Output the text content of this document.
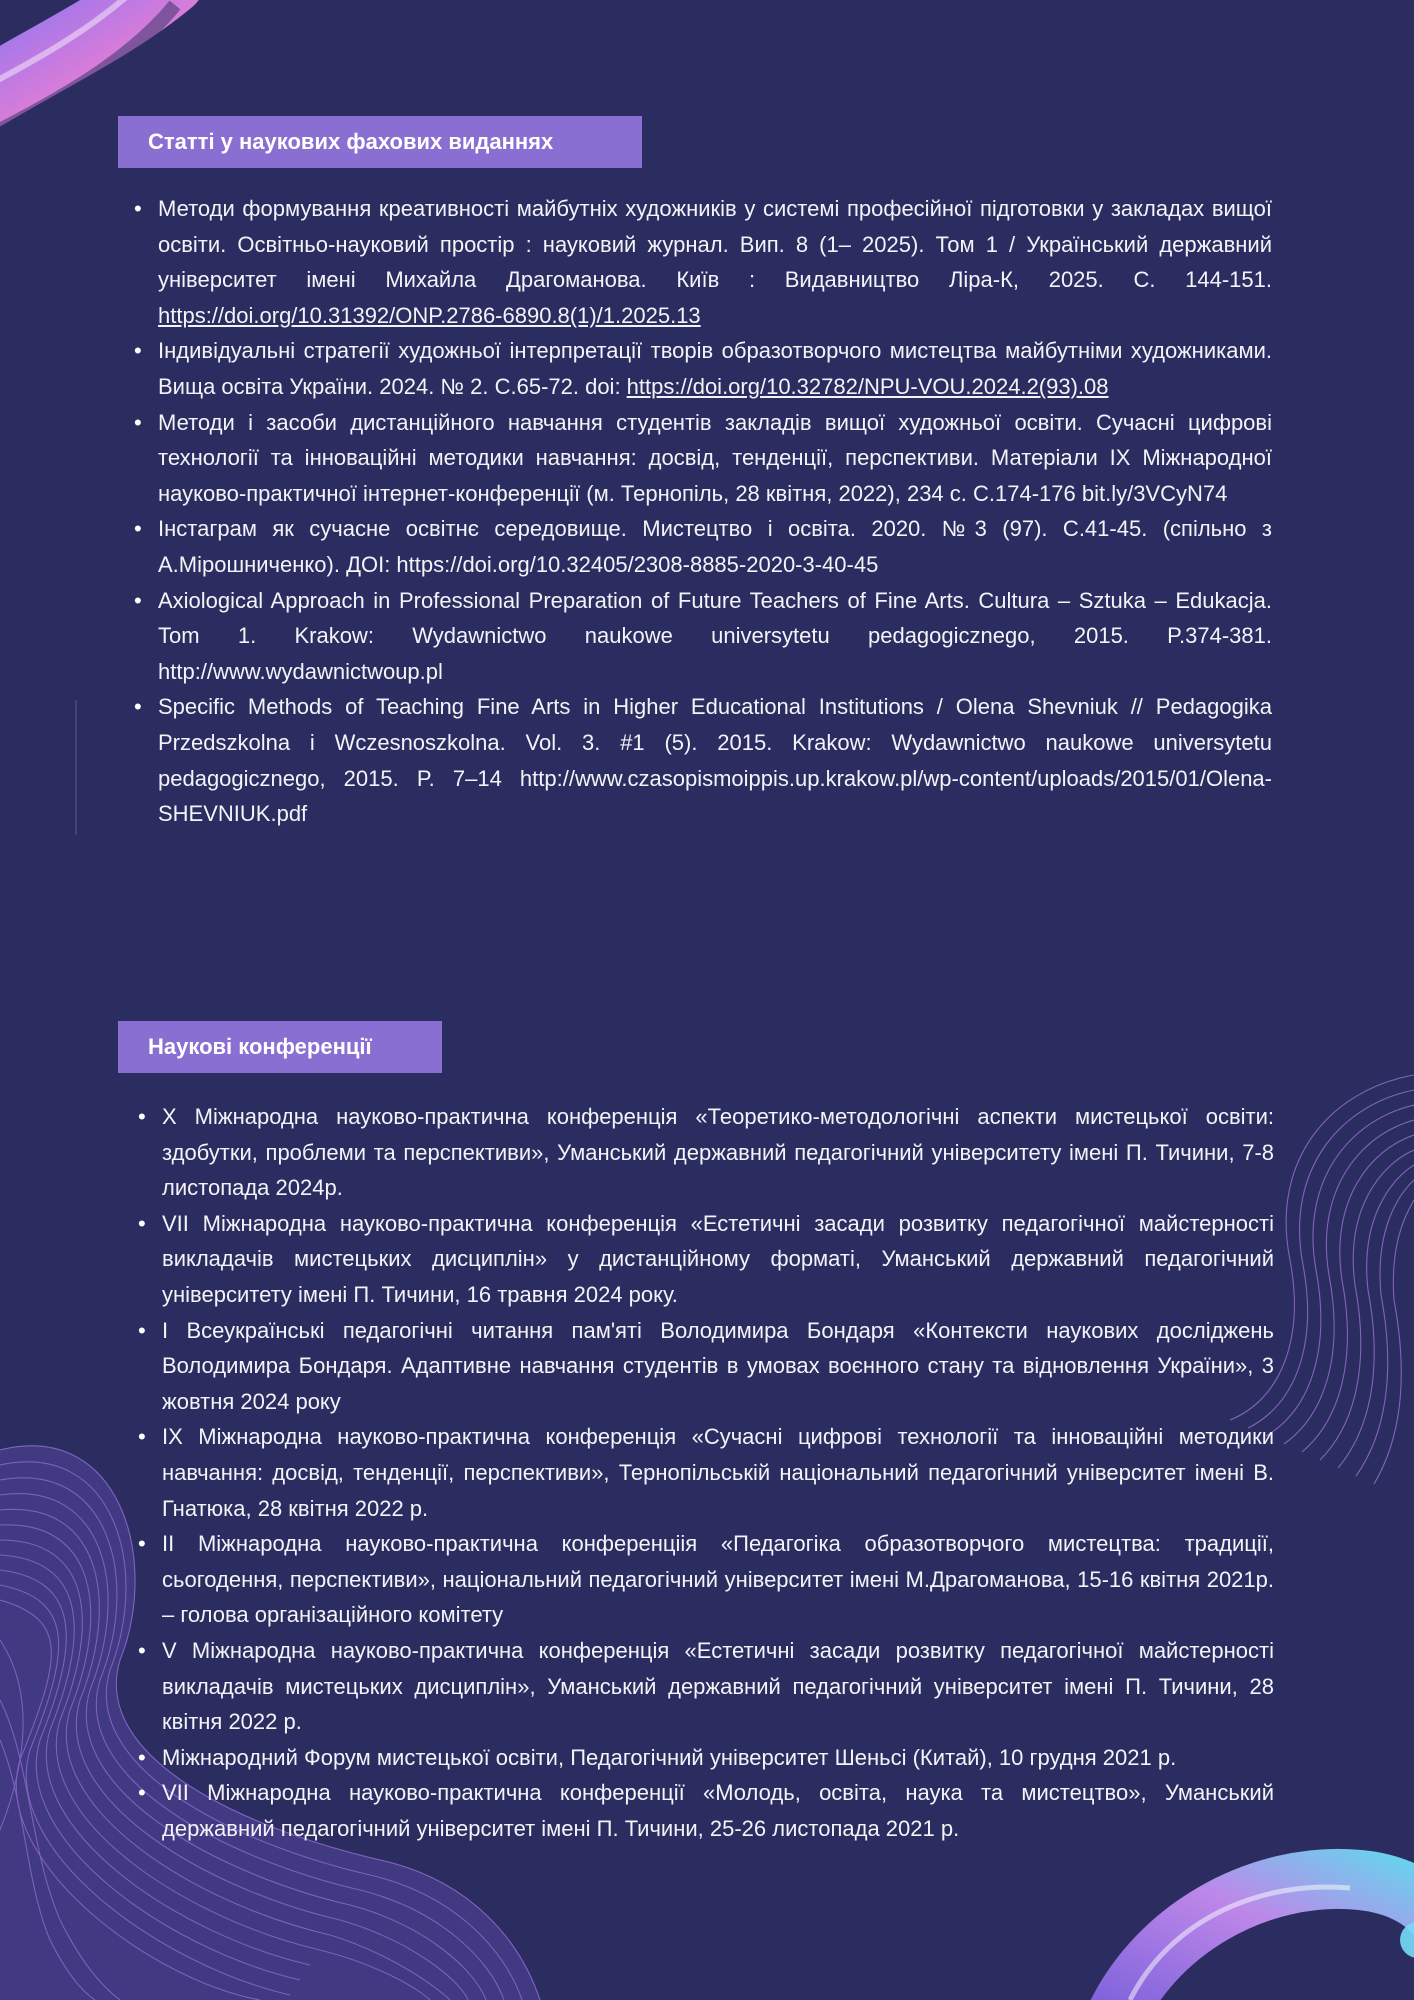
Статті у наукових фахових виданнях
• Методи формування креативності майбутніх художників у системі професійної підготовки у закладах вищої освіти. Освітньо-науковий простір : науковий журнал. Вип. 8 (1– 2025). Том 1 / Український державний університет імені Михайла Драгоманова. Київ : Видавництво Ліра-К, 2025. С. 144-151. https://doi.org/10.31392/ONP.2786-6890.8(1)/1.2025.13
• Індивідуальні стратегії художньої інтерпретації творів образотворчого мистецтва майбутніми художниками. Вища освіта України. 2024. № 2. С.65-72. doi: https://doi.org/10.32782/NPU-VOU.2024.2(93).08
• Методи і засоби дистанційного навчання студентів закладів вищої художньої освіти. Сучасні цифрові технології та інноваційні методики навчання: досвід, тенденції, перспективи. Матеріали ІХ Міжнародної науково-практичної інтернет-конференції (м. Тернопіль, 28 квітня, 2022), 234 с. С.174-176 bit.ly/3VCyN74
• Інстаграм як сучасне освітнє середовище. Мистецтво і освіта. 2020. №3 (97). С.41-45. (спільно з А.Мірошниченко). ДОІ: https://doi.org/10.32405/2308-8885-2020-3-40-45
• Axiological Approach in Professional Preparation of Future Teachers of Fine Arts. Cultura – Sztuka – Edukacja. Tom 1. Krakow: Wydawnictwo naukowe universytetu pedagogicznego, 2015. P.374-381. http://www.wydawnictwoup.pl
• Specific Methods of Teaching Fine Arts in Higher Educational Institutions / Olena Shevniuk // Pedagogika Przedszkolna i Wczesnoszkolna. Vol. 3. #1 (5). 2015. Krakow: Wydawnictwo naukowe universytetu pedagogicznego, 2015. P. 7–14 http://www.czasopismoippis.up.krakow.pl/wp-content/uploads/2015/01/Olena-SHEVNIUK.pdf
Наукові конференції
• Х Міжнародна науково-практична конференція «Теоретико-методологічні аспекти мистецької освіти: здобутки, проблеми та перспективи», Уманський державний педагогічний університету імені П. Тичини, 7-8 листопада 2024р.
• VII Міжнародна науково-практична конференція «Естетичні засади розвитку педагогічної майстерності викладачів мистецьких дисциплін» у дистанційному форматі, Уманський державний педагогічний університету імені П. Тичини, 16 травня 2024 року.
• І Всеукраїнські педагогічні читання пам'яті Володимира Бондаря «Контексти наукових досліджень Володимира Бондаря. Адаптивне навчання студентів в умовах воєнного стану та відновлення України», 3 жовтня 2024 року
• IX Міжнародна науково-практична конференція «Сучасні цифрові технології та інноваційні методики навчання: досвід, тенденції, перспективи», Тернопільській національний педагогічний університет імені В. Гнатюка, 28 квітня 2022 р.
• II Міжнародна науково-практична конференціія «Педагогіка образотворчого мистецтва: традиції, сьогодення, перспективи», національний педагогічний університет імені М.Драгоманова, 15-16 квітня 2021р. – голова організаційного комітету
• V Міжнародна науково-практична конференція «Естетичні засади розвитку педагогічної майстерності викладачів мистецьких дисциплін», Уманський державний педагогічний університет імені П. Тичини, 28 квітня 2022 р.
• Міжнародний Форум мистецької освіти, Педагогічний університет Шеньсі (Китай), 10 грудня 2021 р.
• VII Міжнародна науково-практична конференції «Молодь, освіта, наука та мистецтво», Уманський державний педагогічний університет імені П. Тичини, 25-26 листопада 2021 р.
